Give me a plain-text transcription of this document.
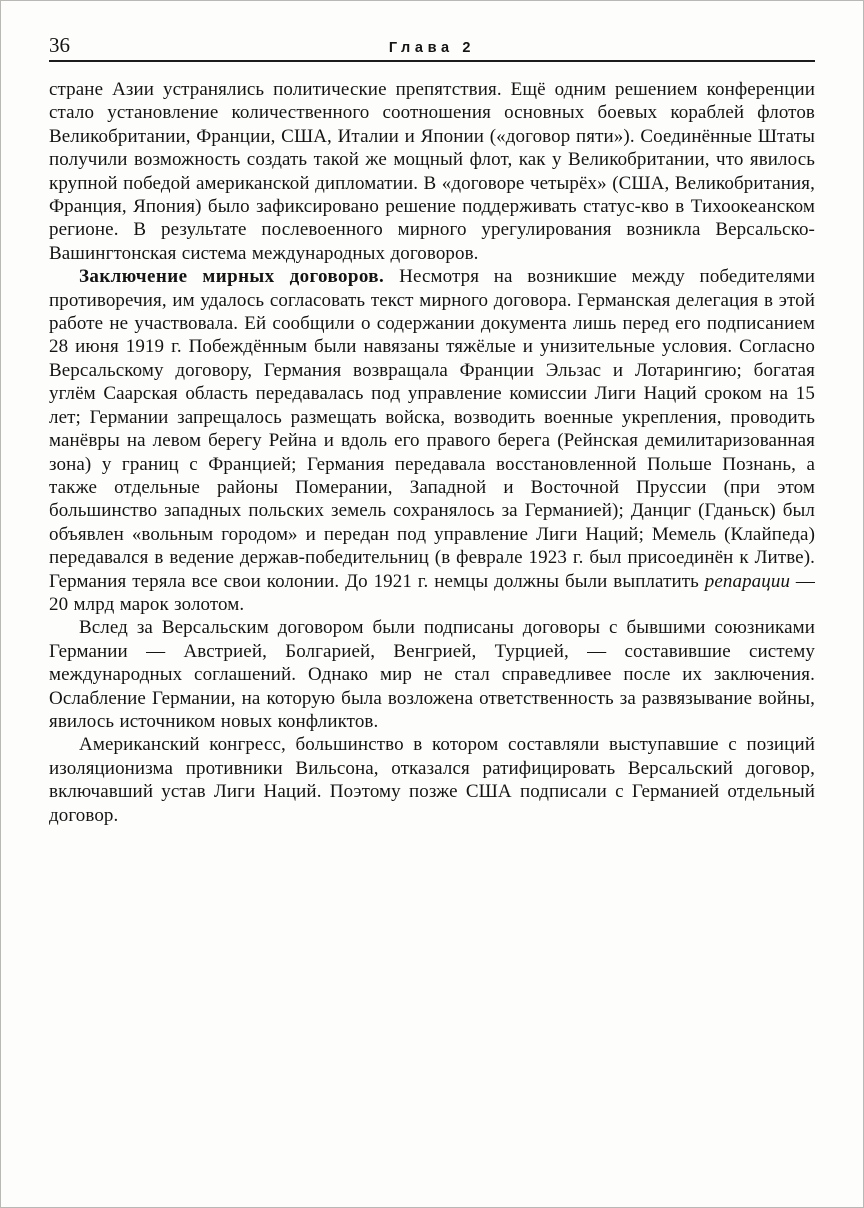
36	Глава 2

стране Азии устранялись политические препятствия. Ещё одним решением конференции стало установление количественного соотношения основных боевых кораблей флотов Великобритании, Франции, США, Италии и Японии («договор пяти»). Соединённые Штаты получили возможность создать такой же мощный флот, как у Великобритании, что явилось крупной победой американской дипломатии. В «договоре четырёх» (США, Великобритания, Франция, Япония) было зафиксировано решение поддерживать статус-кво в Тихоокеанском регионе. В результате послевоенного мирного урегулирования возникла Версальско-Вашингтонская система международных договоров.

Заключение мирных договоров. Несмотря на возникшие между победителями противоречия, им удалось согласовать текст мирного договора. Германская делегация в этой работе не участвовала. Ей сообщили о содержании документа лишь перед его подписанием 28 июня 1919 г. Побеждённым были навязаны тяжёлые и унизительные условия. Согласно Версальскому договору, Германия возвращала Франции Эльзас и Лотарингию; богатая углём Саарская область передавалась под управление комиссии Лиги Наций сроком на 15 лет; Германии запрещалось размещать войска, возводить военные укрепления, проводить манёвры на левом берегу Рейна и вдоль его правого берега (Рейнская демилитаризованная зона) у границ с Францией; Германия передавала восстановленной Польше Познань, а также отдельные районы Померании, Западной и Восточной Пруссии (при этом большинство западных польских земель сохранялось за Германией); Данциг (Гданьск) был объявлен «вольным городом» и передан под управление Лиги Наций; Мемель (Клайпеда) передавался в ведение держав-победительниц (в феврале 1923 г. был присоединён к Литве). Германия теряла все свои колонии. До 1921 г. немцы должны были выплатить репарации — 20 млрд марок золотом.

Вслед за Версальским договором были подписаны договоры с бывшими союзниками Германии — Австрией, Болгарией, Венгрией, Турцией, — составившие систему международных соглашений. Однако мир не стал справедливее после их заключения. Ослабление Германии, на которую была возложена ответственность за развязывание войны, явилось источником новых конфликтов.

Американский конгресс, большинство в котором составляли выступавшие с позиций изоляционизма противники Вильсона, отказался ратифицировать Версальский договор, включавший устав Лиги Наций. Поэтому позже США подписали с Германией отдельный договор.
